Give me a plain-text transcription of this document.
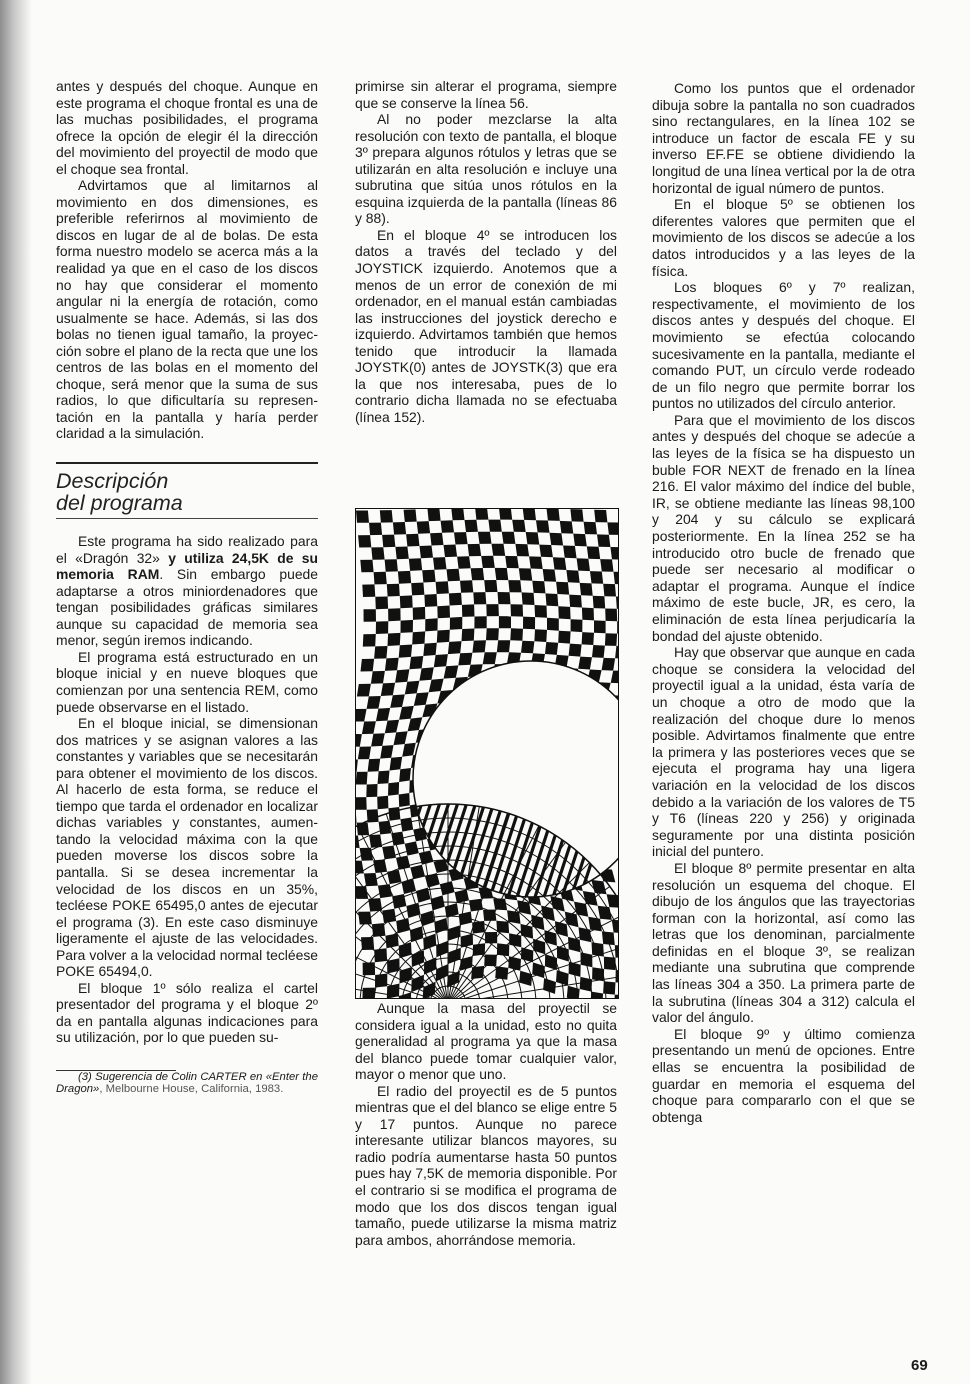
antes y después del choque. Aunque en este programa el choque frontal es una de las muchas posibilidades, el programa ofrece la opción de elegir él la dirección del movimiento del proyectil de modo que el choque sea frontal.

Advirtamos que al limitarnos al movimiento en dos dimensiones, es preferible referirnos al movimiento de discos en lugar de al de bolas. De esta forma nuestro modelo se acerca más a la realidad ya que en el caso de los discos no hay que considerar el momento angular ni la energía de rotación, como usualmente se hace. Además, si las dos bolas no tienen igual tamaño, la proyección sobre el plano de la recta que une los centros de las bolas en el momento del choque, será menor que la suma de sus radios, lo que dificultaría su representación en la pantalla y haría perder claridad a la simulación.

Descripción
del programa

Este programa ha sido realizado para el «Dragón 32» y utiliza 24,5K de su memoria RAM. Sin embargo puede adaptarse a otros miniordenadores que tengan posibilidades gráficas similares aunque su capacidad de memoria sea menor, según iremos indicando.

El programa está estructurado en un bloque inicial y en nueve bloques que comienzan por una sentencia REM, como puede observarse en el listado.

En el bloque inicial, se dimensionan dos matrices y se asignan valores a las constantes y variables que se necesitarán para obtener el movimiento de los discos. Al hacerlo de esta forma, se reduce el tiempo que tarda el ordenador en localizar dichas variables y constantes, aumentando la velocidad máxima con la que pueden moverse los discos sobre la pantalla. Si se desea incrementar la velocidad de los discos en un 35%, tecléese POKE 65495,0 antes de ejecutar el programa (3). En este caso disminuye ligeramente el ajuste de las velocidades. Para volver a la velocidad normal tecléese POKE 65494,0.

El bloque 1º sólo realiza el cartel presentador del programa y el bloque 2º da en pantalla algunas indicaciones para su utilización, por lo que pueden su-

(3) Sugerencia de Colin CARTER en «Enter the Dragon», Melbourne House, California, 1983.

primirse sin alterar el programa, siempre que se conserve la línea 56.

Al no poder mezclarse la alta resolución con texto de pantalla, el bloque 3º prepara algunos rótulos y letras que se utilizarán en alta resolución e incluye una subrutina que sitúa unos rótulos en la esquina izquierda de la pantalla (líneas 86 y 88).

En el bloque 4º se introducen los datos a través del teclado y del JOYSTICK izquierdo. Anotemos que a menos de un error de conexión de mi ordenador, en el manual están cambiadas las instrucciones del joystick derecho e izquierdo. Advirtamos también que hemos tenido que introducir la llamada JOYSTK(0) antes de JOYSTK(3) que era la que nos interesaba, pues de lo contrario dicha llamada no se efectuaba (línea 152).

Aunque la masa del proyectil se considera igual a la unidad, esto no quita generalidad al programa ya que la masa del blanco puede tomar cualquier valor, mayor o menor que uno.

El radio del proyectil es de 5 puntos mientras que el del blanco se elige entre 5 y 17 puntos. Aunque no parece interesante utilizar blancos mayores, su radio podría aumentarse hasta 50 puntos pues hay 7,5K de memoria disponible. Por el contrario si se modifica el programa de modo que los dos discos tengan igual tamaño, puede utilizarse la misma matriz para ambos, ahorrándose memoria.

Como los puntos que el ordenador dibuja sobre la pantalla no son cuadrados sino rectangulares, en la línea 102 se introduce un factor de escala FE y su inverso EF.FE se obtiene dividiendo la longitud de una línea vertical por la de otra horizontal de igual número de puntos.

En el bloque 5º se obtienen los diferentes valores que permiten que el movimiento de los discos se adecúe a los datos introducidos y a las leyes de la física.

Los bloques 6º y 7º realizan, respectivamente, el movimiento de los discos antes y después del choque. El movimiento se efectúa colocando sucesivamente en la pantalla, mediante el comando PUT, un círculo verde rodeado de un filo negro que permite borrar los puntos no utilizados del círculo anterior.

Para que el movimiento de los discos antes y después del choque se adecúe a las leyes de la física se ha dispuesto un buble FOR NEXT de frenado en la línea 216. El valor máximo del índice del buble, IR, se obtiene mediante las líneas 98,100 y 204 y su cálculo se explicará posteriormente. En la línea 252 se ha introducido otro bucle de frenado que puede ser necesario al modificar o adaptar el programa. Aunque el índice máximo de este bucle, JR, es cero, la eliminación de esta línea perjudicaría la bondad del ajuste obtenido.

Hay que observar que aunque en cada choque se considera la velocidad del proyectil igual a la unidad, ésta varía de un choque a otro de modo que la realización del choque dure lo menos posible. Advirtamos finalmente que entre la primera y las posteriores veces que se ejecuta el programa hay una ligera variación en la velocidad de los discos debido a la variación de los valores de T5 y T6 (líneas 220 y 256) y originada seguramente por una distinta posición inicial del puntero.

El bloque 8º permite presentar en alta resolución un esquema del choque. El dibujo de los ángulos que las trayectorias forman con la horizontal, así como las letras que los denominan, parcialmente definidas en el bloque 3º, se realizan mediante una subrutina que comprende las líneas 304 a 350. La primera parte de la subrutina (líneas 304 a 312) calcula el valor del ángulo.

El bloque 9º y último comienza presentando un menú de opciones. Entre ellas se encuentra la posibilidad de guardar en memoria el esquema del choque para compararlo con el que se obtenga

69
